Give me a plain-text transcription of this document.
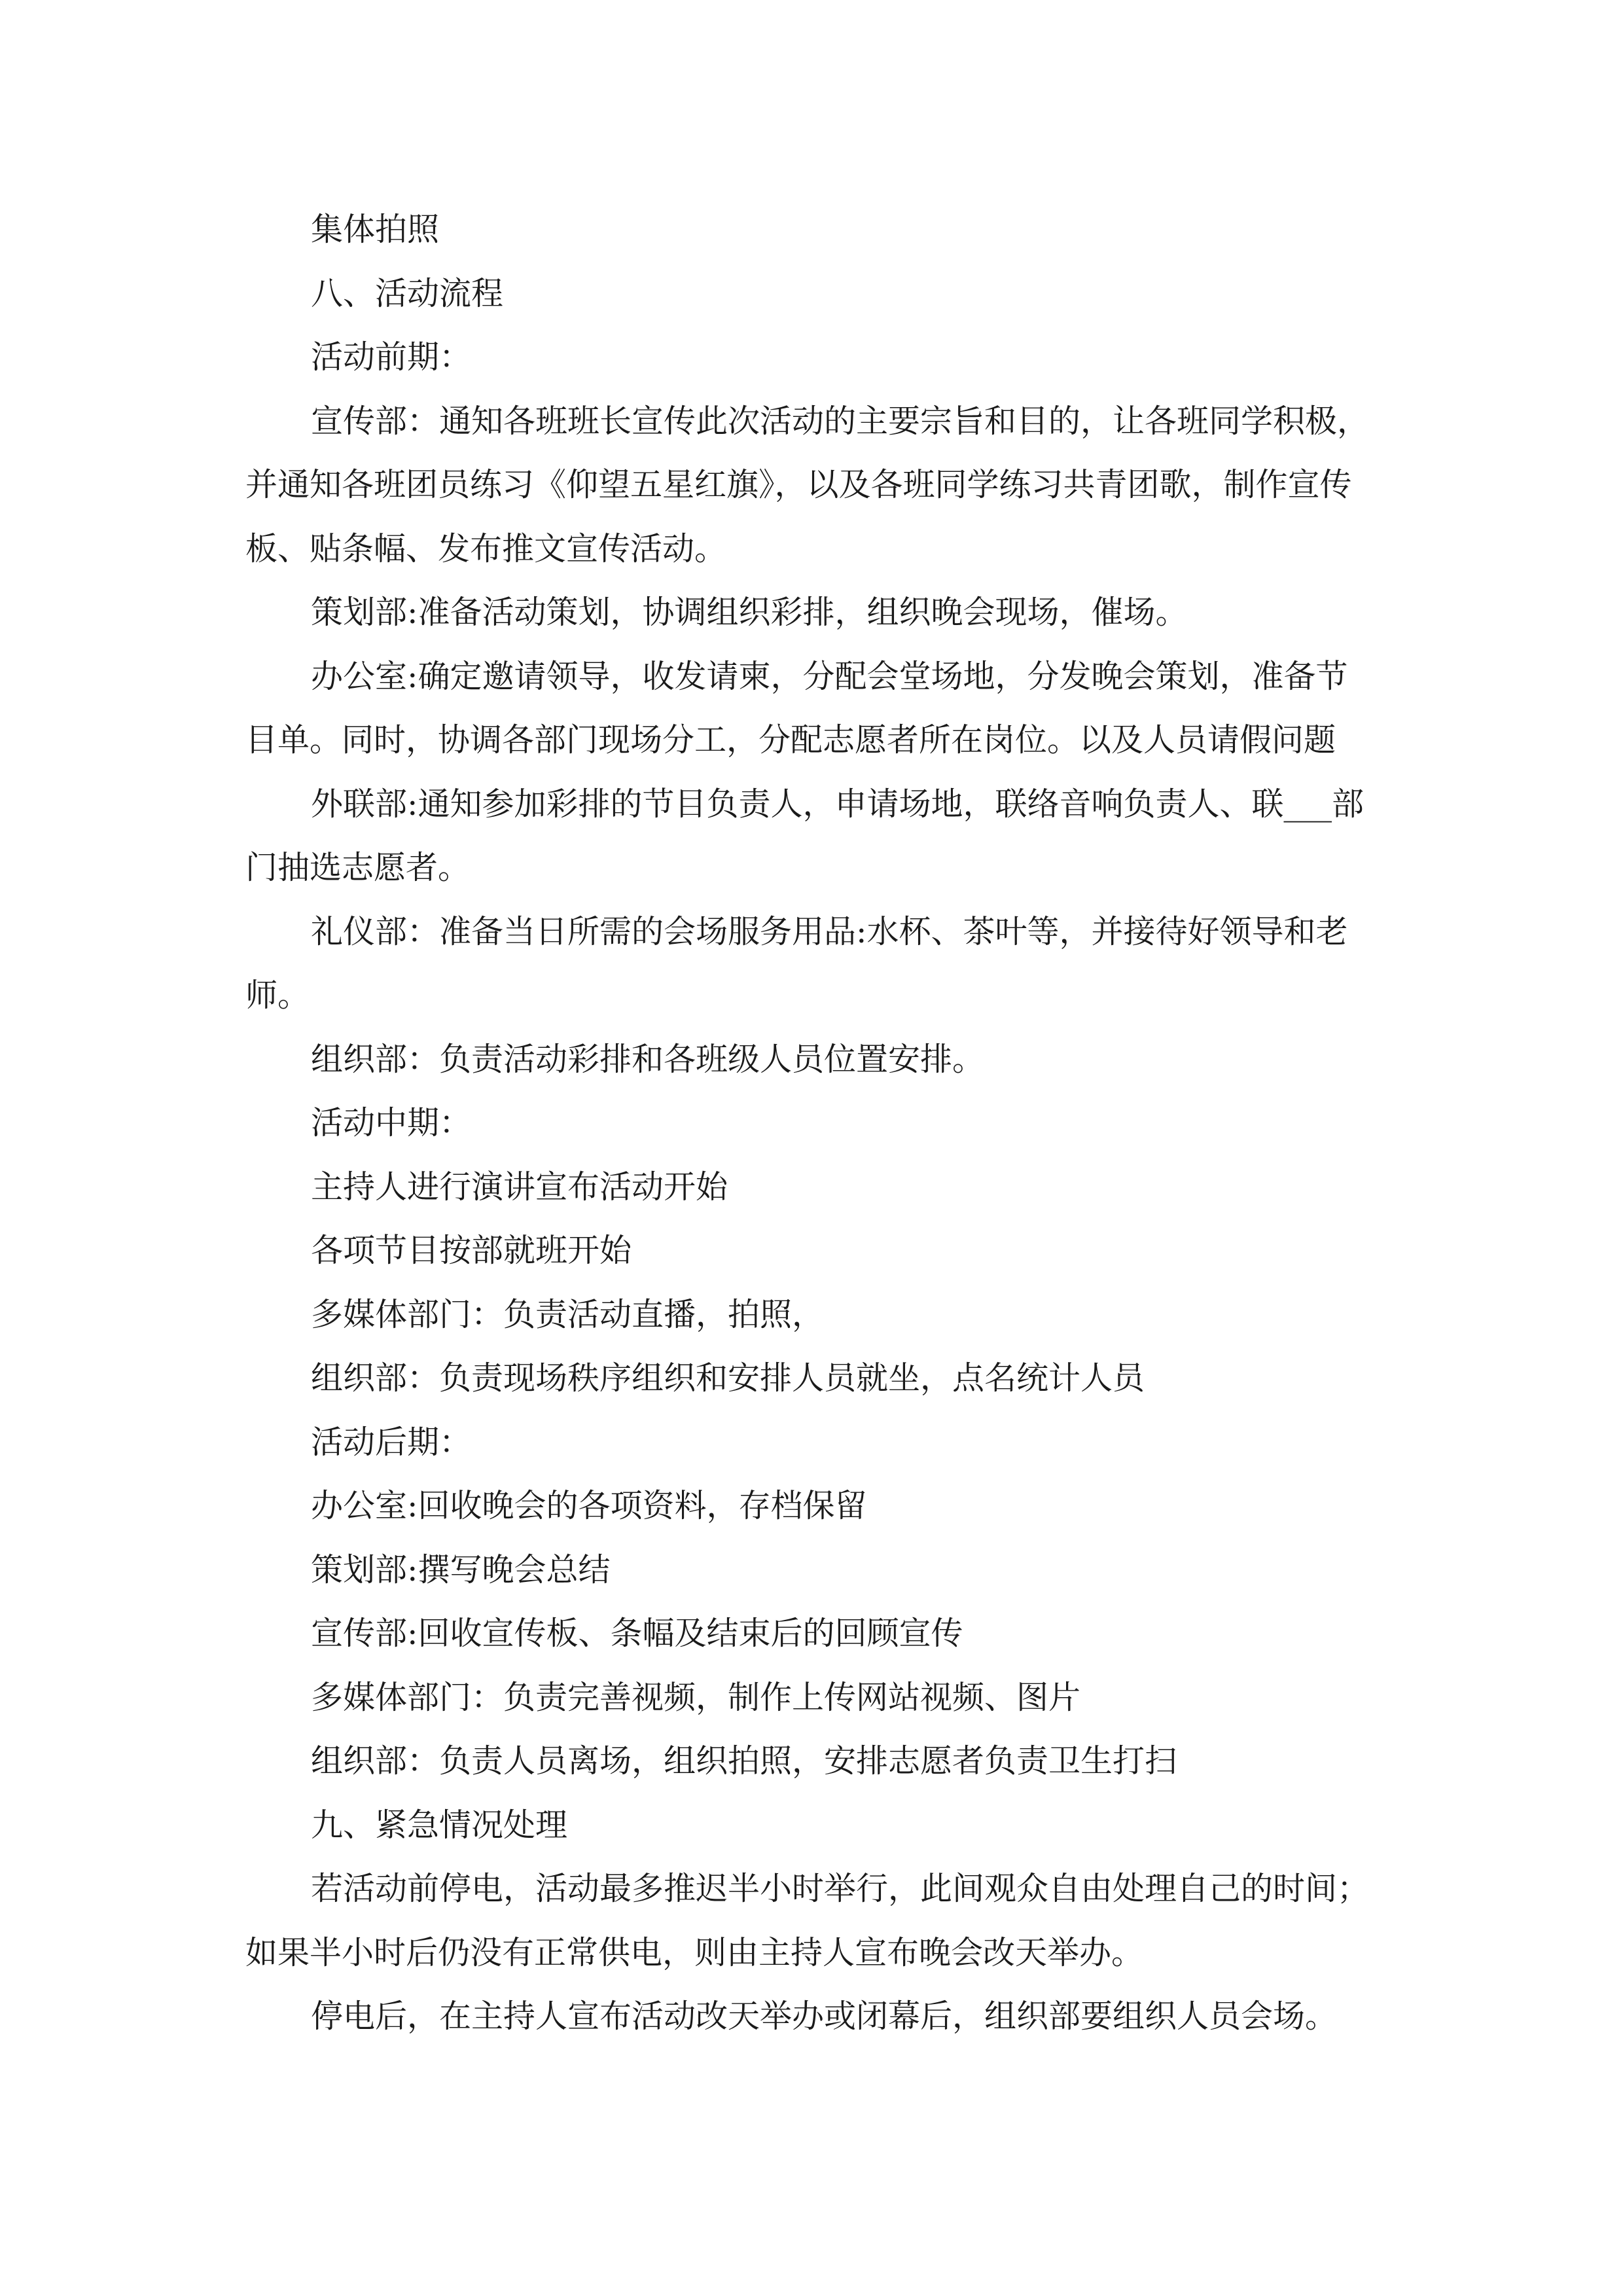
集体拍照

八、活动流程

活动前期：

宣传部：通知各班班长宣传此次活动的主要宗旨和目的，让各班同学积极，
并通知各班团员练习《仰望五星红旗》，以及各班同学练习共青团歌，制作宣传
板、贴条幅、发布推文宣传活动。

策划部:准备活动策划，协调组织彩排，组织晚会现场，催场。

办公室:确定邀请领导，收发请柬，分配会堂场地，分发晚会策划，准备节
目单。同时，协调各部门现场分工，分配志愿者所在岗位。以及人员请假问题

外联部:通知参加彩排的节目负责人，申请场地，联络音响负责人、联___部
门抽选志愿者。

礼仪部：准备当日所需的会场服务用品:水杯、茶叶等，并接待好领导和老
师。

组织部：负责活动彩排和各班级人员位置安排。

活动中期：

主持人进行演讲宣布活动开始

各项节目按部就班开始

多媒体部门：负责活动直播，拍照，

组织部：负责现场秩序组织和安排人员就坐，点名统计人员

活动后期：

办公室:回收晚会的各项资料，存档保留

策划部:撰写晚会总结

宣传部:回收宣传板、条幅及结束后的回顾宣传

多媒体部门：负责完善视频，制作上传网站视频、图片

组织部：负责人员离场，组织拍照，安排志愿者负责卫生打扫

九、紧急情况处理

若活动前停电，活动最多推迟半小时举行，此间观众自由处理自己的时间；
如果半小时后仍没有正常供电，则由主持人宣布晚会改天举办。

停电后，在主持人宣布活动改天举办或闭幕后，组织部要组织人员会场。
